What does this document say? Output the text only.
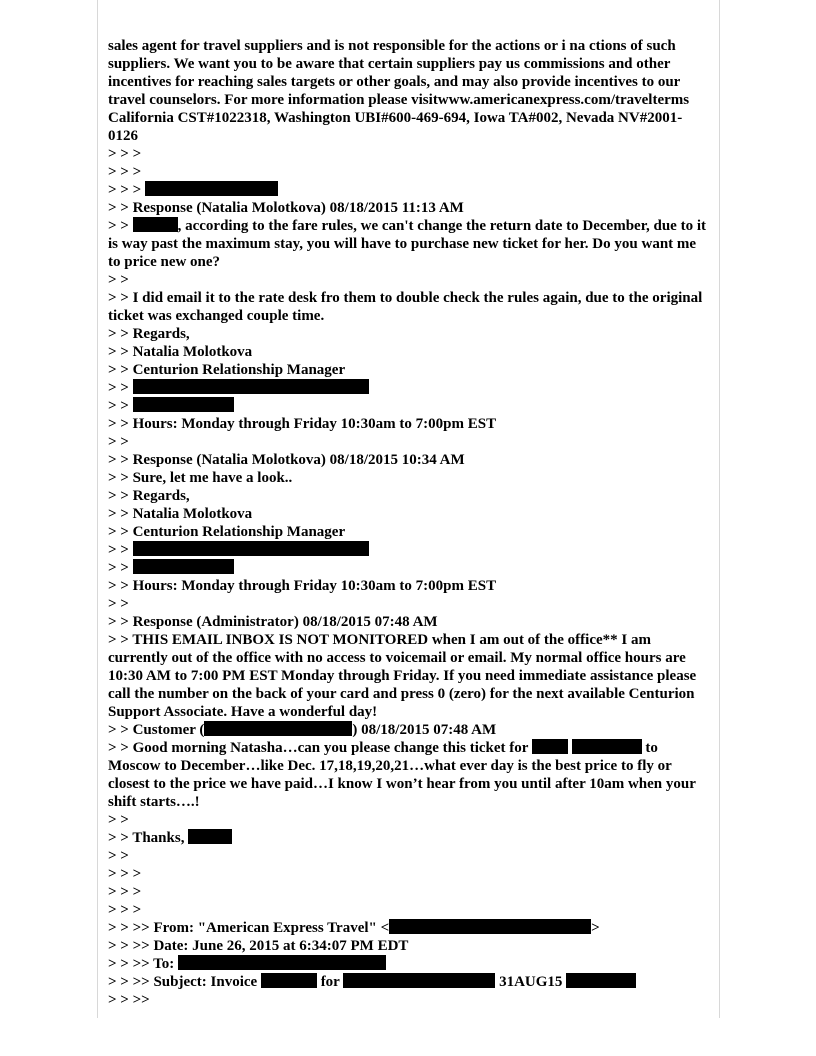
sales agent for travel suppliers and is not responsible for the actions or i na ctions of such suppliers. We want you to be aware that certain suppliers pay us commissions and other incentives for reaching sales targets or other goals, and may also provide incentives to our travel counselors. For more information please visitwww.americanexpress.com/travelterms California CST#1022318, Washington UBI#600-469-694, Iowa TA#002, Nevada NV#2001-0126
> > >
> > >
> > >
> > Response (Natalia Molotkova) 08/18/2015 11:13 AM
> >	, according to the fare rules, we can't change the return date to December, due to it is way past the maximum stay, you will have to purchase new ticket for her. Do you want me to price new one?
> >
> > I did email it to the rate desk fro them to double check the rules again, due to the original ticket was exchanged couple time.
> > Regards,
> > Natalia Molotkova
> > Centurion Relationship Manager
> >
> >
> > Hours: Monday through Friday 10:30am to 7:00pm EST
> >
> > Response (Natalia Molotkova) 08/18/2015 10:34 AM
> > Sure, let me have a look..
> > Regards,
> > Natalia Molotkova
> > Centurion Relationship Manager
> >
> >
> > Hours: Monday through Friday 10:30am to 7:00pm EST
> >
> > Response (Administrator) 08/18/2015 07:48 AM
> > THIS EMAIL INBOX IS NOT MONITORED when I am out of the office** I am currently out of the office with no access to voicemail or email. My normal office hours are 10:30 AM to 7:00 PM EST Monday through Friday. If you need immediate assistance please call the number on the back of your card and press 0 (zero) for the next available Centurion Support Associate. Have a wonderful day!
> > Customer (	) 08/18/2015 07:48 AM
> > Good morning Natasha…can you please change this ticket for	to
Moscow to December…like Dec. 17,18,19,20,21…what ever day is the best price to fly or closest to the price we have paid…I know I won’t hear from you until after 10am when your shift starts….!
> >
> > Thanks,
> >
> > >
> > >
> > >
> > >> From: "American Express Travel" <	>
> > >> Date: June 26, 2015 at 6:34:07 PM EDT
> > >> To:
> > >> Subject: Invoice	for	31AUG15
> > >>
